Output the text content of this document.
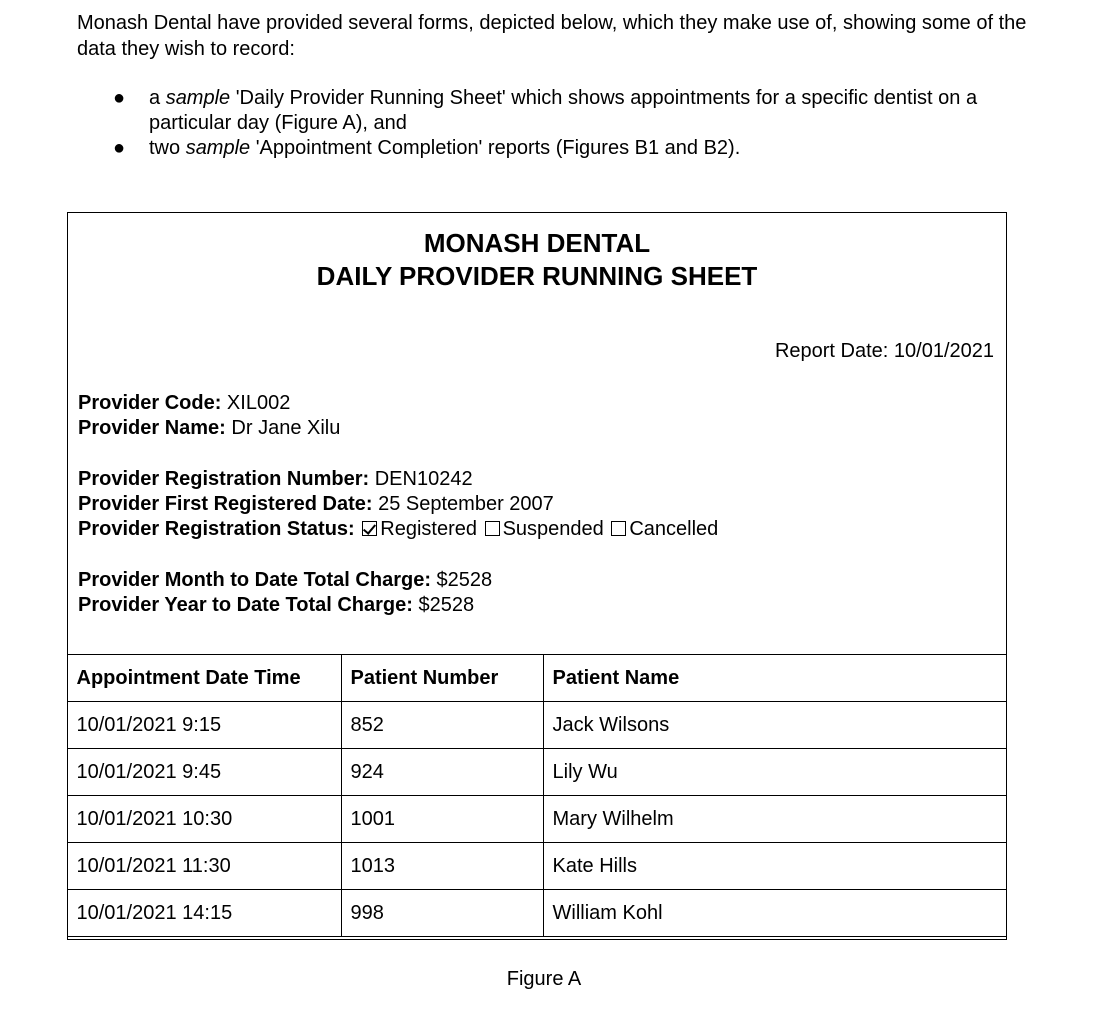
Monash Dental have provided several forms, depicted below, which they make use of, showing some of the data they wish to record:

● a sample 'Daily Provider Running Sheet' which shows appointments for a specific dentist on a particular day (Figure A), and
● two sample 'Appointment Completion' reports (Figures B1 and B2).
MONASH DENTAL
DAILY PROVIDER RUNNING SHEET
Report Date: 10/01/2021
Provider Code: XIL002
Provider Name: Dr Jane Xilu
Provider Registration Number: DEN10242
Provider First Registered Date: 25 September 2007
Provider Registration Status: Registered Suspended Cancelled
Provider Month to Date Total Charge: $2528
Provider Year to Date Total Charge: $2528
Appointment Date Time	Patient Number	Patient Name
10/01/2021 9:15	852	Jack Wilsons
10/01/2021 9:45	924	Lily Wu
10/01/2021 10:30	1001	Mary Wilhelm
10/01/2021 11:30	1013	Kate Hills
10/01/2021 14:15	998	William Kohl
Figure A
